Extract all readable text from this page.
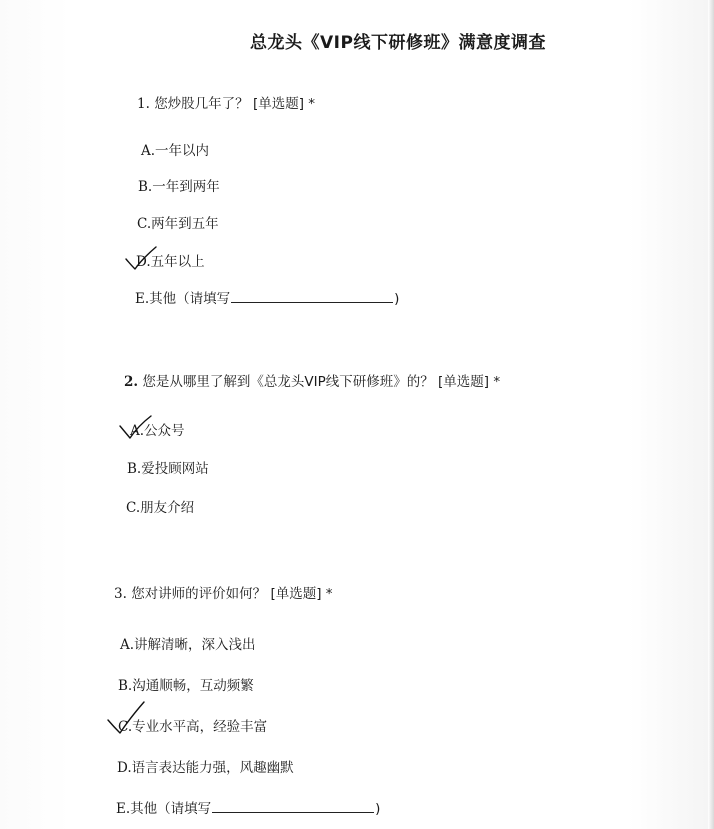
总龙头《VIP线下研修班》满意度调查
1. 您炒股几年了？ [单选题] *
A.一年以内
B.一年到两年
C.两年到五年
D.五年以上
E.其他（请填写	)
2. 您是从哪里了解到《总龙头VIP线下研修班》的？ [单选题] *
A.公众号
B.爱投顾网站
C.朋友介绍
3. 您对讲师的评价如何？ [单选题] *
A.讲解清晰，深入浅出
B.沟通顺畅，互动频繁
C.专业水平高，经验丰富
D.语言表达能力强，风趣幽默
E.其他（请填写	)
